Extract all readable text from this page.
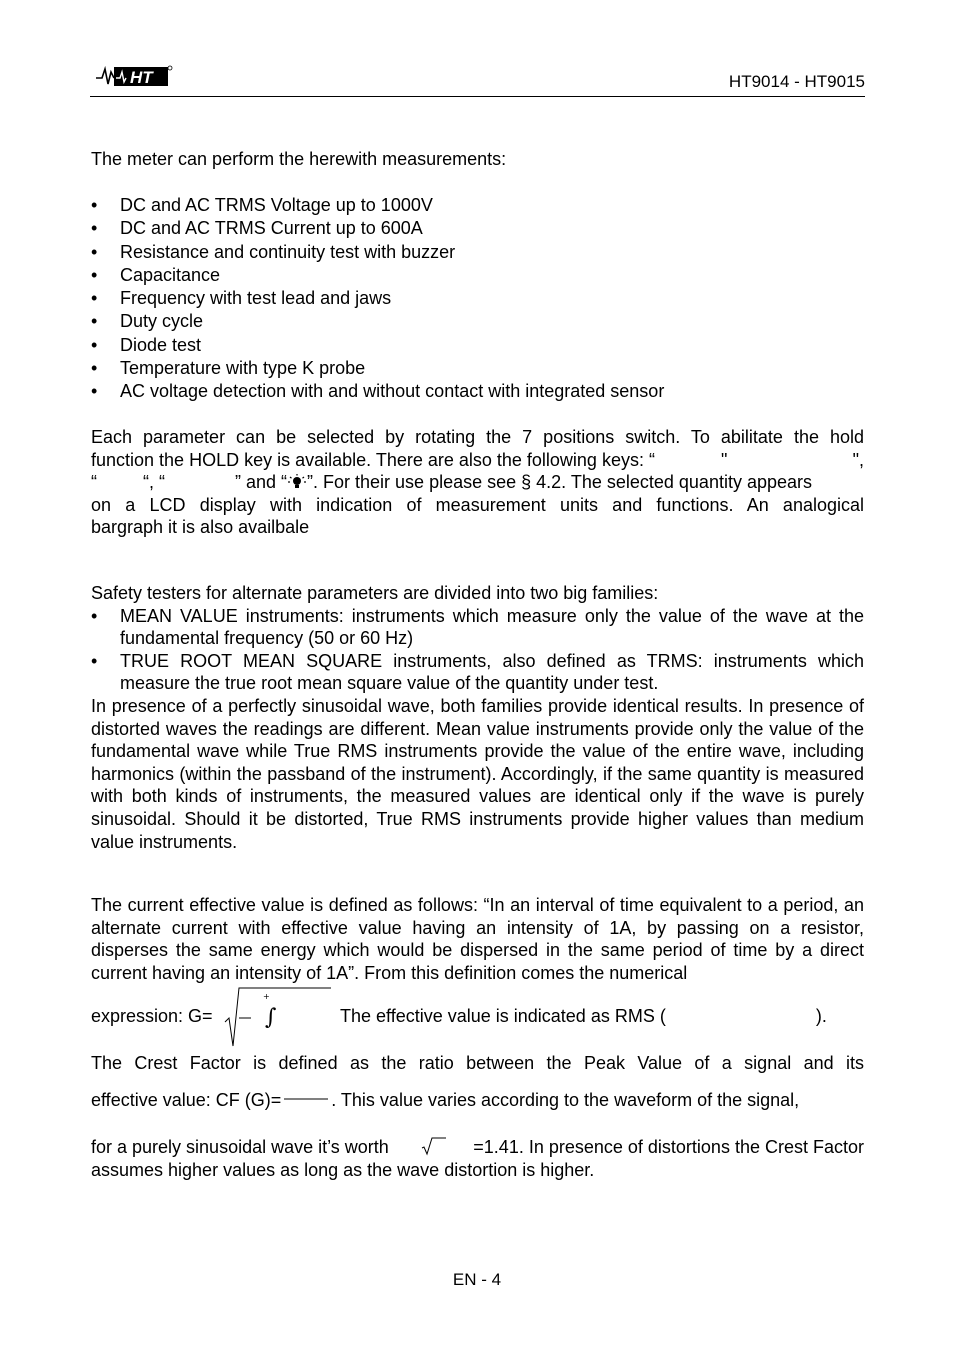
HT	HT9014 - HT9015
The meter can perform the herewith measurements:
• DC and AC TRMS Voltage up to 1000V
• DC and AC TRMS Current up to 600A
• Resistance and continuity test with buzzer
• Capacitance
• Frequency with test lead and jaws
• Duty cycle
• Diode test
• Temperature with type K probe
• AC voltage detection with and without contact with integrated sensor
Each parameter can be selected by rotating the 7 positions switch. To abilitate the hold
function the HOLD key is available. There are also the following keys: “	"	",
“	“, “	” and “ ”. For their use please see § 4.2. The selected quantity appears
on a LCD display with indication of measurement units and functions. An analogical
bargraph it is also availbale
Safety testers for alternate parameters are divided into two big families:
• MEAN VALUE instruments: instruments which measure only the value of the wave at the fundamental frequency (50 or 60 Hz)
• TRUE ROOT MEAN SQUARE instruments, also defined as TRMS: instruments which measure the true root mean square value of the quantity under test.
In presence of a perfectly sinusoidal wave, both families provide identical results. In presence of distorted waves the readings are different. Mean value instruments provide only the value of the fundamental wave while True RMS instruments provide the value of the entire wave, including harmonics (within the passband of the instrument). Accordingly, if the same quantity is measured with both kinds of instruments, the measured values are identical only if the wave is purely sinusoidal. Should it be distorted, True RMS instruments provide higher values than medium value instruments.
The current effective value is defined as follows: “In an interval of time equivalent to a period, an alternate current with effective value having an intensity of 1A, by passing on a resistor, disperses the same energy which would be dispersed in the same period of time by a direct current having an intensity of 1A”. From this definition comes the numerical
expression: G= ∫
+
The effective value is indicated as RMS (	).
The Crest Factor is defined as the ratio between the Peak Value of a signal and its
effective value: CF (G)=	. This value varies according to the waveform of the signal,
for a purely sinusoidal wave it’s worth	=1.41. In presence of distortions the Crest Factor
assumes higher values as long as the wave distortion is higher.
EN - 4
